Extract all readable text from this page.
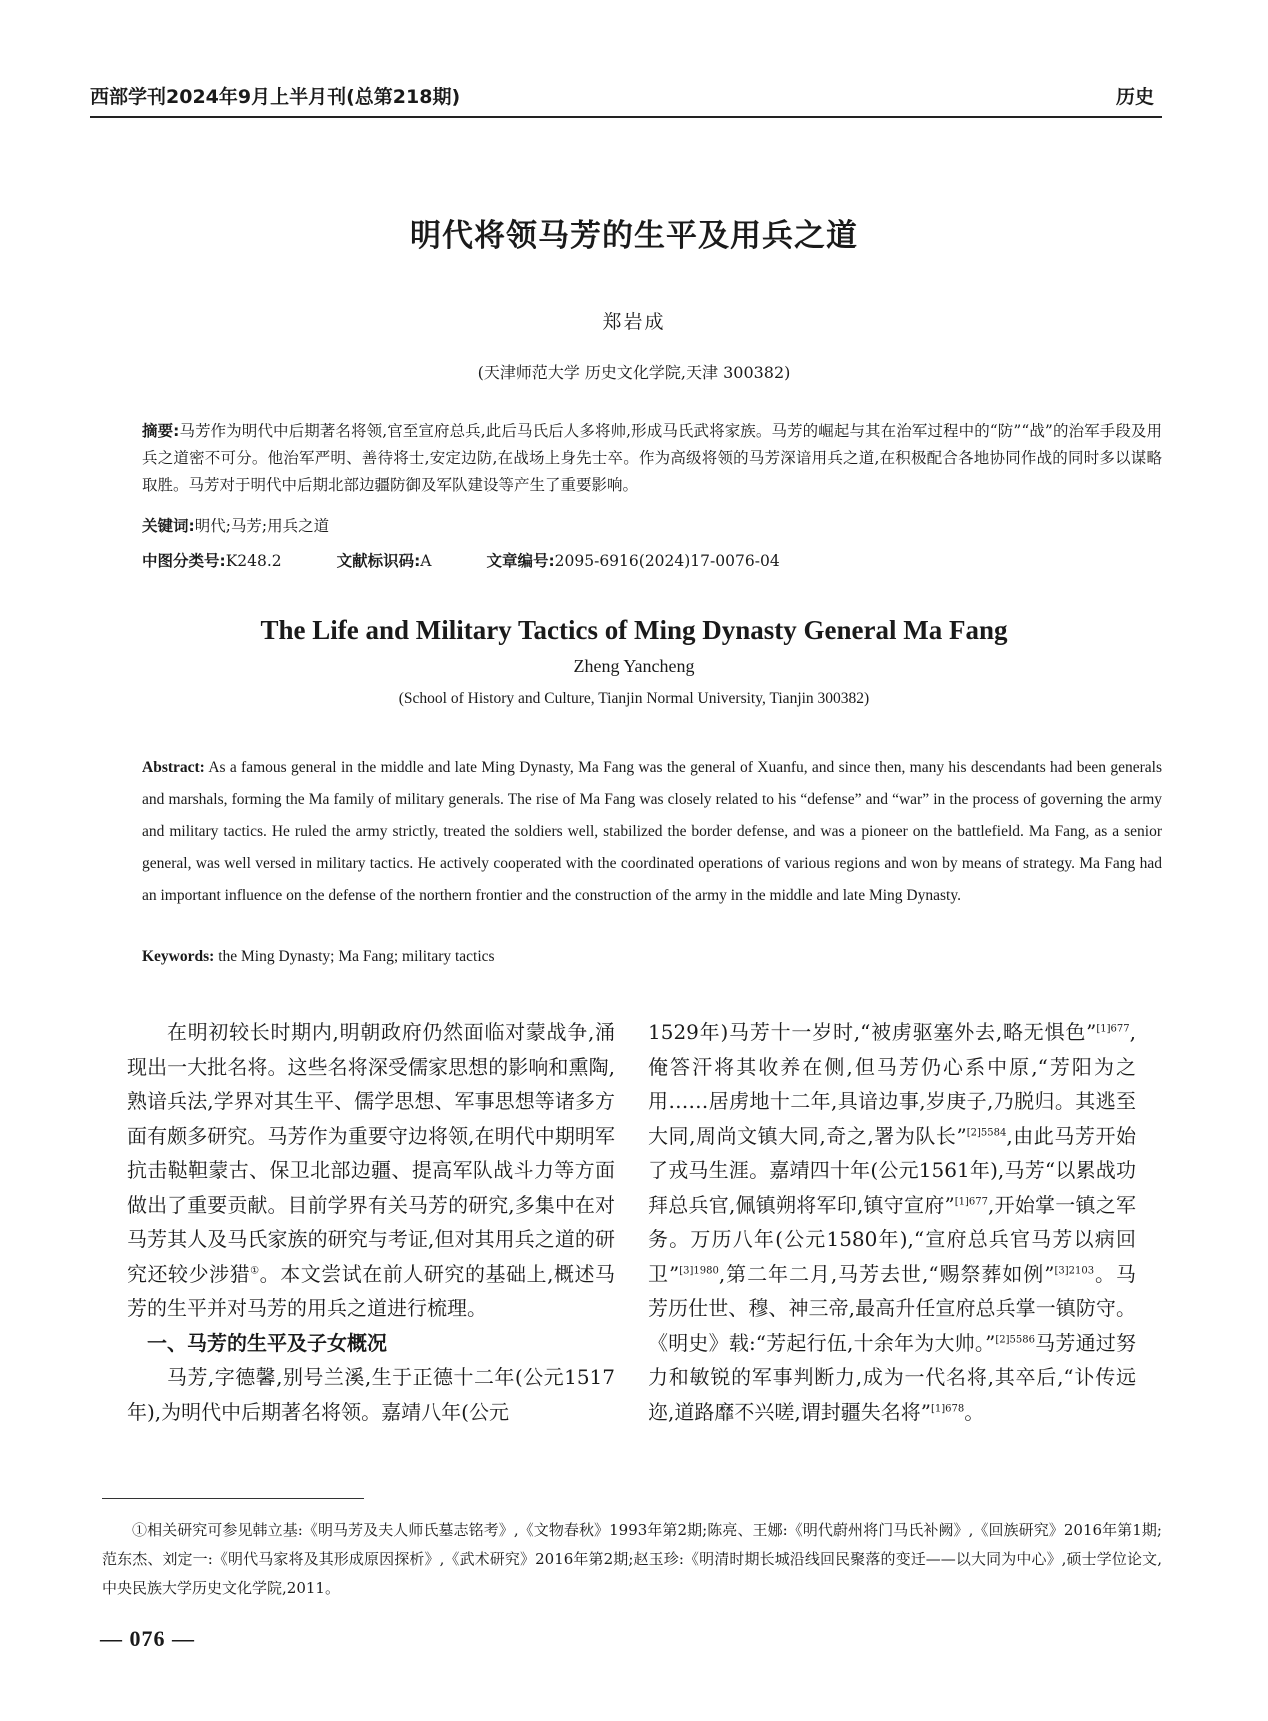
西部学刊2024年9月上半月刊(总第218期)	历史
明代将领马芳的生平及用兵之道
郑岩成
(天津师范大学 历史文化学院,天津 300382)
摘要:马芳作为明代中后期著名将领,官至宣府总兵,此后马氏后人多将帅,形成马氏武将家族。马芳的崛起与其在治军过程中的“防”“战”的治军手段及用兵之道密不可分。他治军严明、善待将士,安定边防,在战场上身先士卒。作为高级将领的马芳深谙用兵之道,在积极配合各地协同作战的同时多以谋略取胜。马芳对于明代中后期北部边疆防御及军队建设等产生了重要影响。
关键词:明代;马芳;用兵之道
中图分类号:K248.2	文献标识码:A	文章编号:2095-6916(2024)17-0076-04
The Life and Military Tactics of Ming Dynasty General Ma Fang
Zheng Yancheng
(School of History and Culture, Tianjin Normal University, Tianjin 300382)
Abstract: As a famous general in the middle and late Ming Dynasty, Ma Fang was the general of Xuanfu, and since then, many his descendants had been generals and marshals, forming the Ma family of military generals. The rise of Ma Fang was closely related to his “defense” and “war” in the process of governing the army and military tactics. He ruled the army strictly, treated the soldiers well, stabilized the border defense, and was a pioneer on the battlefield. Ma Fang, as a senior general, was well versed in military tactics. He actively cooperated with the coordinated operations of various regions and won by means of strategy. Ma Fang had an important influence on the defense of the northern frontier and the construction of the army in the middle and late Ming Dynasty.
Keywords: the Ming Dynasty; Ma Fang; military tactics

在明初较长时期内,明朝政府仍然面临对蒙战争,涌现出一大批名将。这些名将深受儒家思想的影响和熏陶,熟谙兵法,学界对其生平、儒学思想、军事思想等诸多方面有颇多研究。马芳作为重要守边将领,在明代中期明军抗击鞑靼蒙古、保卫北部边疆、提高军队战斗力等方面做出了重要贡献。目前学界有关马芳的研究,多集中在对马芳其人及马氏家族的研究与考证,但对其用兵之道的研究还较少涉猎①。本文尝试在前人研究的基础上,概述马芳的生平并对马芳的用兵之道进行梳理。

一、马芳的生平及子女概况

马芳,字德馨,别号兰溪,生于正德十二年(公元1517年),为明代中后期著名将领。嘉靖八年(公元

1529年)马芳十一岁时,“被虏驱塞外去,略无惧色”$^{[1]677}$,俺答汗将其收养在侧,但马芳仍心系中原,“芳阳为之用……居虏地十二年,具谙边事,岁庚子,乃脱归。其逃至大同,周尚文镇大同,奇之,署为队长”$^{[2]5584}$,由此马芳开始了戎马生涯。嘉靖四十年(公元1561年),马芳“以累战功拜总兵官,佩镇朔将军印,镇守宣府”$^{[1]677}$,开始掌一镇之军务。万历八年(公元1580年),“宣府总兵官马芳以病回卫”$^{[3]1980}$,第二年二月,马芳去世,“赐祭葬如例”$^{[3]2103}$。马芳历仕世、穆、神三帝,最高升任宣府总兵掌一镇防守。《明史》载:“芳起行伍,十余年为大帅。”$^{[2]5586}$马芳通过努力和敏锐的军事判断力,成为一代名将,其卒后,“讣传远迩,道路靡不兴嗟,谓封疆失名将”$^{[1]678}$。

①相关研究可参见韩立基:《明马芳及夫人师氏墓志铭考》,《文物春秋》1993年第2期;陈亮、王娜:《明代蔚州将门马氏补阙》,《回族研究》2016年第1期;范东杰、刘定一:《明代马家将及其形成原因探析》,《武术研究》2016年第2期;赵玉珍:《明清时期长城沿线回民聚落的变迁——以大同为中心》,硕士学位论文,中央民族大学历史文化学院,2011。
— 076 —
